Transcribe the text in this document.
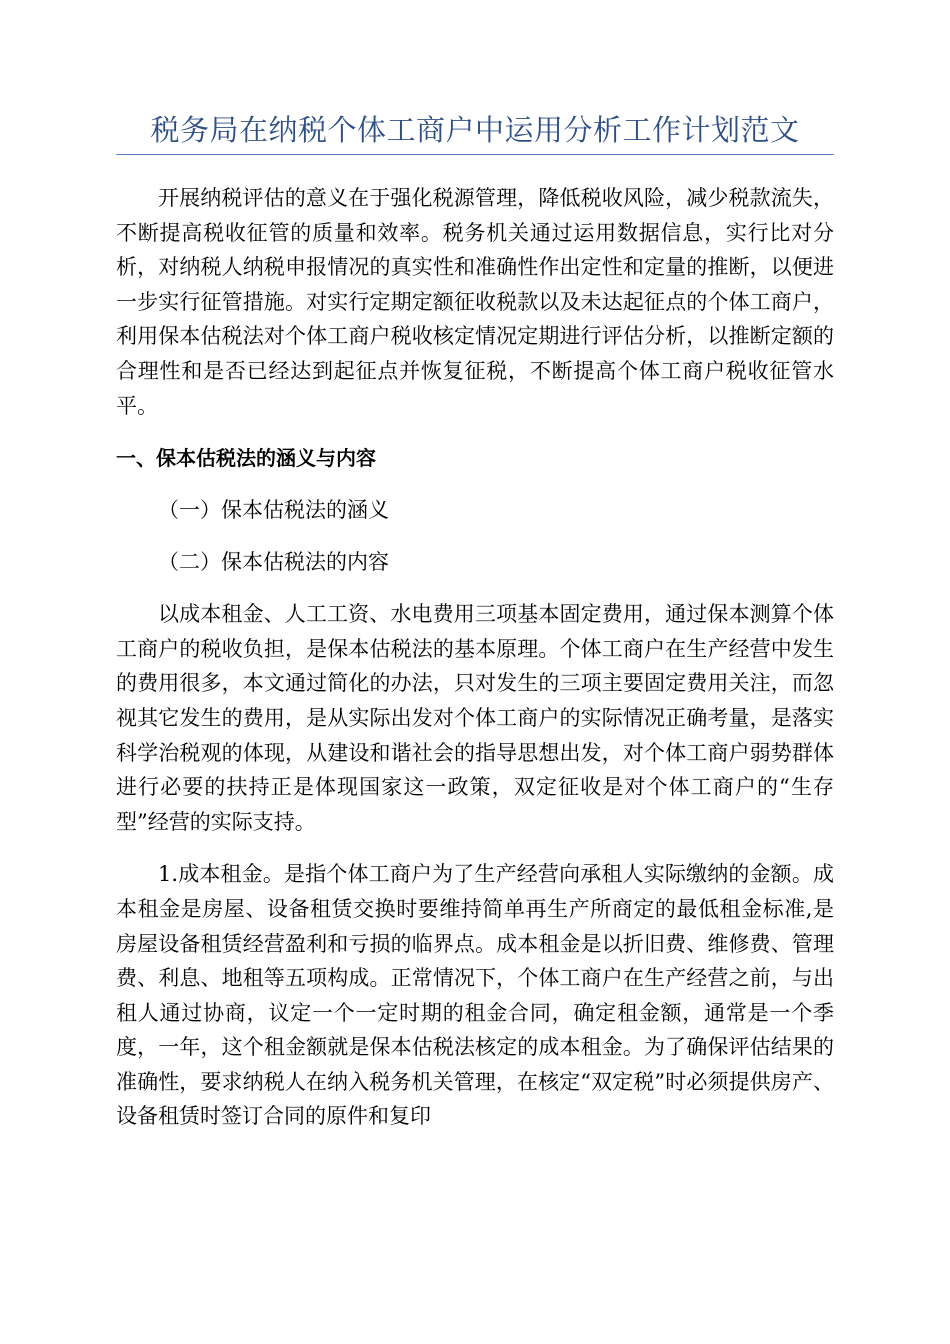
税务局在纳税个体工商户中运用分析工作计划范文

开展纳税评估的意义在于强化税源管理，降低税收风险，减少税款流失，不断提高税收征管的质量和效率。税务机关通过运用数据信息，实行比对分析，对纳税人纳税申报情况的真实性和准确性作出定性和定量的推断，以便进一步实行征管措施。对实行定期定额征收税款以及未达起征点的个体工商户，利用保本估税法对个体工商户税收核定情况定期进行评估分析，以推断定额的合理性和是否已经达到起征点并恢复征税，不断提高个体工商户税收征管水平。

一、保本估税法的涵义与内容

（一）保本估税法的涵义

（二）保本估税法的内容

以成本租金、人工工资、水电费用三项基本固定费用，通过保本测算个体工商户的税收负担，是保本估税法的基本原理。个体工商户在生产经营中发生的费用很多，本文通过简化的办法，只对发生的三项主要固定费用关注，而忽视其它发生的费用，是从实际出发对个体工商户的实际情况正确考量，是落实科学治税观的体现，从建设和谐社会的指导思想出发，对个体工商户弱势群体进行必要的扶持正是体现国家这一政策，双定征收是对个体工商户的“生存型”经营的实际支持。

1.成本租金。是指个体工商户为了生产经营向承租人实际缴纳的金额。成本租金是房屋、设备租赁交换时要维持简单再生产所商定的最低租金标准,是房屋设备租赁经营盈利和亏损的临界点。成本租金是以折旧费、维修费、管理费、利息、地租等五项构成。正常情况下，个体工商户在生产经营之前，与出租人通过协商，议定一个一定时期的租金合同，确定租金额，通常是一个季度，一年，这个租金额就是保本估税法核定的成本租金。为了确保评估结果的准确性，要求纳税人在纳入税务机关管理，在核定“双定税”时必须提供房产、设备租赁时签订合同的原件和复印
